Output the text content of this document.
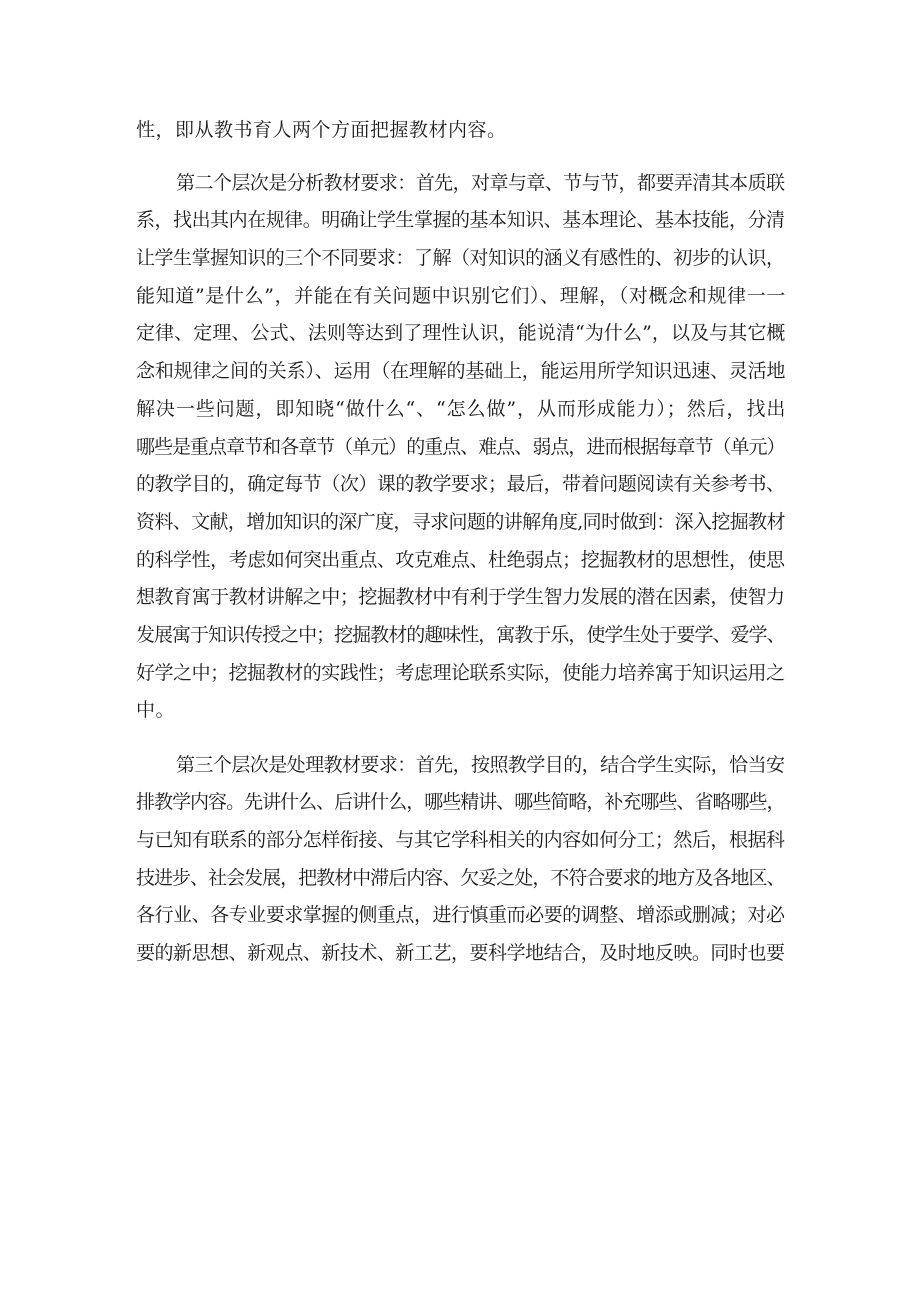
性，即从教书育人两个方面把握教材内容。
第二个层次是分析教材要求：首先，对章与章、节与节，都要弄清其本质联
系，找出其内在规律。明确让学生掌握的基本知识、基本理论、基本技能，分清
让学生掌握知识的三个不同要求：了解（对知识的涵义有感性的、初步的认识，
能知道”是什么”，并能在有关问题中识别它们）、理解，（对概念和规律一一
定律、定理、公式、法则等达到了理性认识，能说清“为什么”，以及与其它概
念和规律之间的关系）、运用（在理解的基础上，能运用所学知识迅速、灵活地
解决一些问题，即知晓“做什么“、“怎么做”，从而形成能力）；然后，找出
哪些是重点章节和各章节（单元）的重点、难点、弱点，进而根据每章节（单元）
的教学目的，确定每节（次）课的教学要求；最后，带着问题阅读有关参考书、
资料、文献，增加知识的深广度，寻求问题的讲解角度,同时做到：深入挖掘教材
的科学性，考虑如何突出重点、攻克难点、杜绝弱点；挖掘教材的思想性，使思
想教育寓于教材讲解之中；挖掘教材中有利于学生智力发展的潜在因素，使智力
发展寓于知识传授之中；挖掘教材的趣味性，寓教于乐，使学生处于要学、爱学、
好学之中；挖掘教材的实践性；考虑理论联系实际，使能力培养寓于知识运用之
中。
第三个层次是处理教材要求：首先，按照教学目的，结合学生实际，恰当安
排教学内容。先讲什么、后讲什么，哪些精讲、哪些简略，补充哪些、省略哪些，
与已知有联系的部分怎样衔接、与其它学科相关的内容如何分工；然后，根据科
技进步、社会发展，把教材中滞后内容、欠妥之处，不符合要求的地方及各地区、
各行业、各专业要求掌握的侧重点，进行慎重而必要的调整、增添或删减；对必
要的新思想、新观点、新技术、新工艺，要科学地结合，及时地反映。同时也要
